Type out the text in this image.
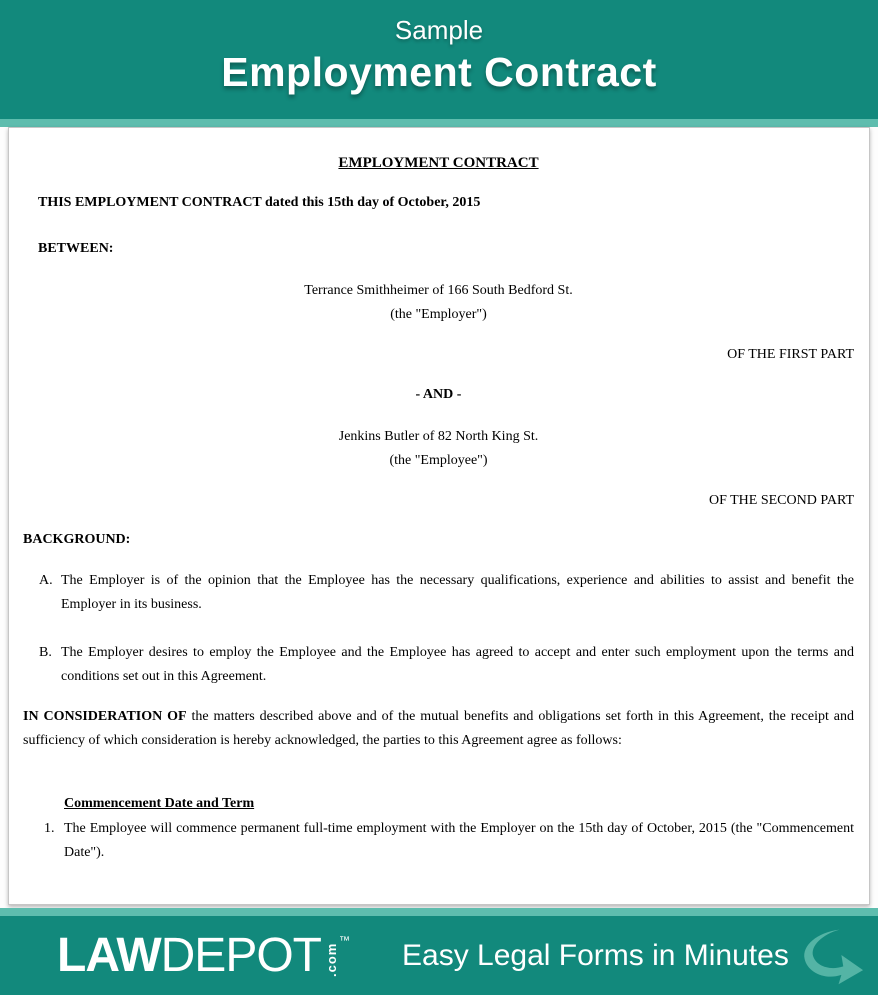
Sample
Employment Contract
EMPLOYMENT CONTRACT
THIS EMPLOYMENT CONTRACT dated this 15th day of October, 2015
BETWEEN:
Terrance Smithheimer of 166 South Bedford St.
(the "Employer")
OF THE FIRST PART
- AND -
Jenkins Butler of 82 North King St.
(the "Employee")
OF THE SECOND PART
BACKGROUND:
A. The Employer is of the opinion that the Employee has the necessary qualifications, experience and abilities to assist and benefit the Employer in its business.
B. The Employer desires to employ the Employee and the Employee has agreed to accept and enter such employment upon the terms and conditions set out in this Agreement.
IN CONSIDERATION OF the matters described above and of the mutual benefits and obligations set forth in this Agreement, the receipt and sufficiency of which consideration is hereby acknowledged, the parties to this Agreement agree as follows:
Commencement Date and Term
1. The Employee will commence permanent full-time employment with the Employer on the 15th day of October, 2015 (the "Commencement Date").
LAWDEPOT .com
™ Easy Legal Forms in Minutes
